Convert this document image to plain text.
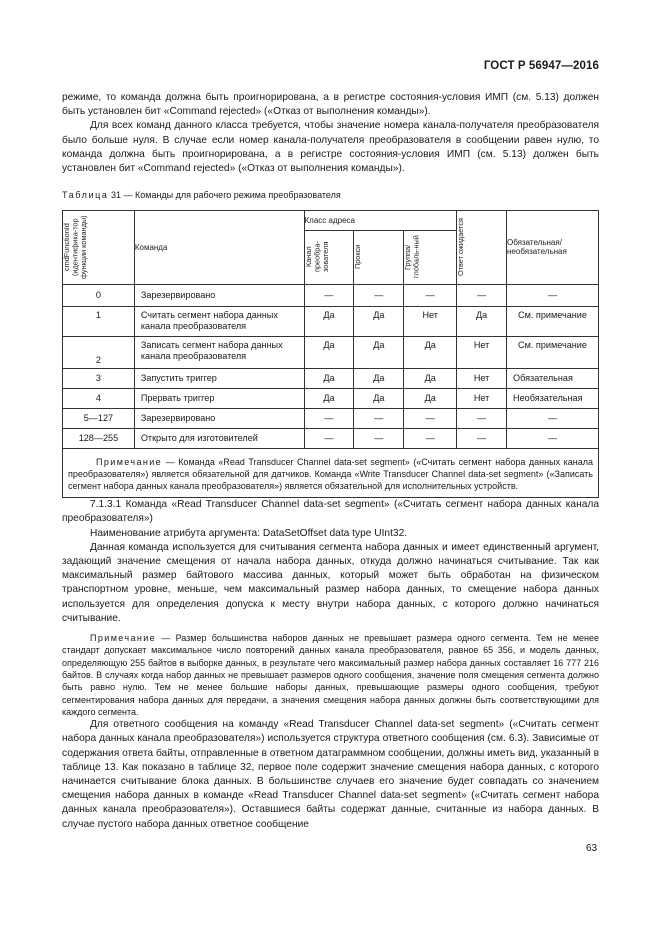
ГОСТ Р 56947—2016

режиме, то команда должна быть проигнорирована, а в регистре состояния-условия ИМП (см. 5.13) должен быть установлен бит «Command rejected» («Отказ от выполнения команды»).

Для всех команд данного класса требуется, чтобы значение номера канала-получателя преобразователя было больше нуля. В случае если номер канала-получателя преобразователя в сообщении равен нулю, то команда должна быть проигнорирована, а в регистре состояния-условия ИМП (см. 5.13) должен быть установлен бит «Command rejected» («Отказ от выполнения команды»).

Таблица 31 — Команды для рабочего режима преобразователя
cmdFunctionId (идентифика-тор функции команды)	Команда	Класс адреса			Ответ ожидается	Обязательная/ необязательная
		Канал преобра-зователя	Прокси	Группа/ глобаль-ный		
0	Зарезервировано	—	—	—	—	—
1	Считать сегмент набора данных канала преобразователя	Да	Да	Нет	Да	См. примечание
2	Записать сегмент набора данных канала преобразователя	Да	Да	Да	Нет	См. примечание
3	Запустить триггер	Да	Да	Да	Нет	Обязательная
4	Прервать триггер	Да	Да	Да	Нет	Необязательная
5—127	Зарезервировано	—	—	—	—	—
128—255	Открыто для изготовителей	—	—	—	—	—
Примечание — Команда «Read Transducer Channel data-set segment» («Считать сегмент набора данных канала преобразователя») является обязательной для датчиков. Команда «Write Transducer Channel data-set segment» («Записать сегмент набора данных канала преобразователя») является обязательной для исполнительных устройств.

7.1.3.1 Команда «Read Transducer Channel data-set segment» («Считать сегмент набора данных канала преобразователя»)

Наименование атрибута аргумента: DataSetOffset data type UInt32.

Данная команда используется для считывания сегмента набора данных и имеет единственный аргумент, задающий значение смещения от начала набора данных, откуда должно начинаться считывание. Так как максимальный размер байтового массива данных, который может быть обработан на физическом транспортном уровне, меньше, чем максимальный размер набора данных, то смещение набора данных используется для определения допуска к месту внутри набора данных, с которого должно начинаться считывание.

Примечание — Размер большинства наборов данных не превышает размера одного сегмента. Тем не менее стандарт допускает максимальное число повторений данных канала преобразователя, равное 65 356, и модель данных, определяющую 255 байтов в выборке данных, в результате чего максимальный размер набора данных составляет 16 777 216 байтов. В случаях когда набор данных не превышает размеров одного сообщения, значение поля смещения сегмента должно быть равно нулю. Тем не менее большие наборы данных, превышающие размеры одного сообщения, требуют сегментирования набора данных для передачи, а значения смещения набора данных должны быть соответствующими для каждого сегмента.

Для ответного сообщения на команду «Read Transducer Channel data-set segment» («Считать сегмент набора данных канала преобразователя») используется структура ответного сообщения (см. 6.3). Зависимые от содержания ответа байты, отправленные в ответном датаграммном сообщении, должны иметь вид, указанный в таблице 13. Как показано в таблице 32, первое поле содержит значение смещения набора данных, с которого начинается считывание блока данных. В большинстве случаев его значение будет совпадать со значением смещения набора данных в команде «Read Transducer Channel data-set segment» («Считать сегмент набора данных канала преобразователя»). Оставшиеся байты содержат данные, считанные из набора данных. В случае пустого набора данных ответное сообщение

63
